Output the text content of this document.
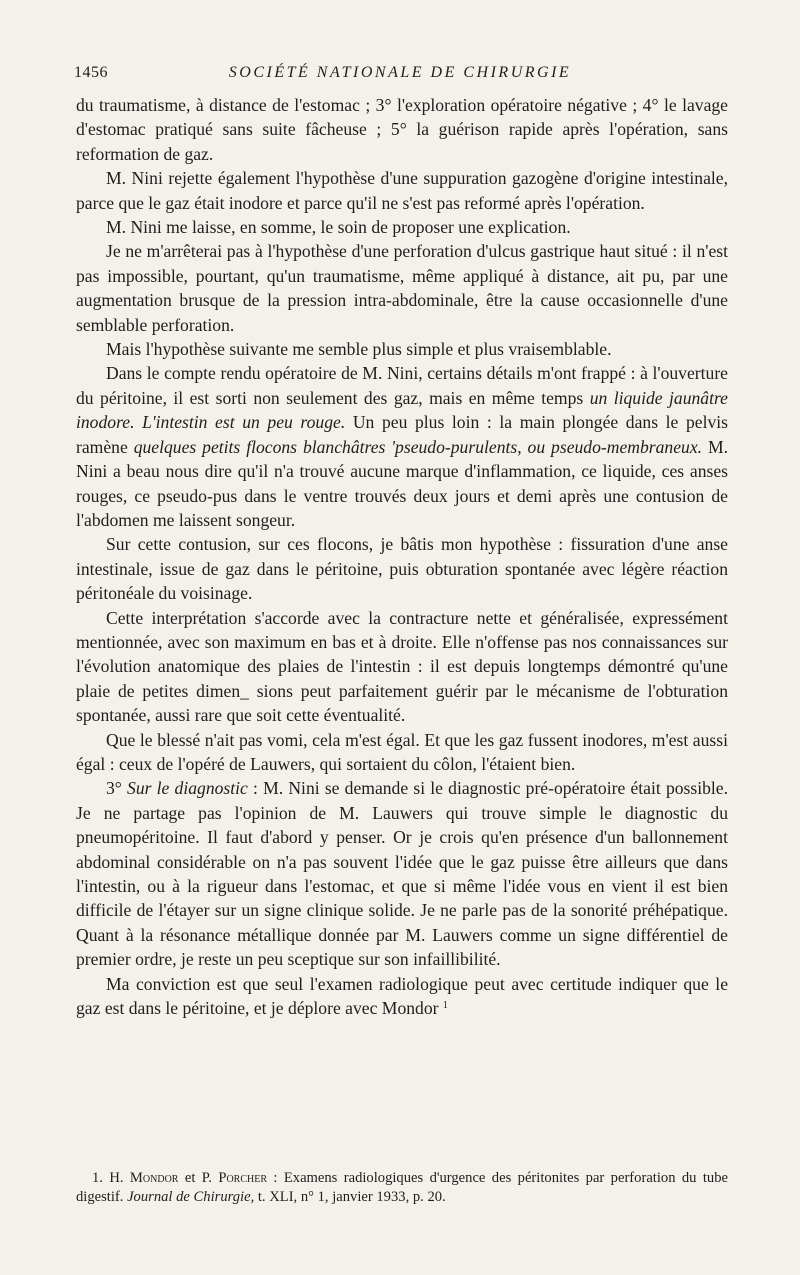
1456	SOCIÉTÉ NATIONALE DE CHIRURGIE

du traumatisme, à distance de l'estomac ; 3° l'exploration opératoire négative ; 4° le lavage d'estomac pratiqué sans suite fâcheuse ; 5° la guérison rapide après l'opération, sans reformation de gaz.

M. Nini rejette également l'hypothèse d'une suppuration gazogène d'origine intestinale, parce que le gaz était inodore et parce qu'il ne s'est pas reformé après l'opération.

M. Nini me laisse, en somme, le soin de proposer une explication.

Je ne m'arrêterai pas à l'hypothèse d'une perforation d'ulcus gastrique haut situé : il n'est pas impossible, pourtant, qu'un traumatisme, même appliqué à distance, ait pu, par une augmentation brusque de la pression intra-abdominale, être la cause occasionnelle d'une semblable perforation.

Mais l'hypothèse suivante me semble plus simple et plus vraisemblable.

Dans le compte rendu opératoire de M. Nini, certains détails m'ont frappé : à l'ouverture du péritoine, il est sorti non seulement des gaz, mais en même temps un liquide jaunâtre inodore. L'intestin est un peu rouge. Un peu plus loin : la main plongée dans le pelvis ramène quelques petits flocons blanchâtres 'pseudo-purulents, ou pseudo-membraneux. M. Nini a beau nous dire qu'il n'a trouvé aucune marque d'inflammation, ce liquide, ces anses rouges, ce pseudo-pus dans le ventre trouvés deux jours et demi après une contusion de l'abdomen me laissent songeur.

Sur cette contusion, sur ces flocons, je bâtis mon hypothèse : fissuration d'une anse intestinale, issue de gaz dans le péritoine, puis obturation spontanée avec légère réaction péritonéale du voisinage.

Cette interprétation s'accorde avec la contracture nette et généralisée, expressément mentionnée, avec son maximum en bas et à droite. Elle n'offense pas nos connaissances sur l'évolution anatomique des plaies de l'intestin : il est depuis longtemps démontré qu'une plaie de petites dimen_ sions peut parfaitement guérir par le mécanisme de l'obturation spontanée, aussi rare que soit cette éventualité.

Que le blessé n'ait pas vomi, cela m'est égal. Et que les gaz fussent inodores, m'est aussi égal : ceux de l'opéré de Lauwers, qui sortaient du côlon, l'étaient bien.

3° Sur le diagnostic : M. Nini se demande si le diagnostic pré-opératoire était possible. Je ne partage pas l'opinion de M. Lauwers qui trouve simple le diagnostic du pneumopéritoine. Il faut d'abord y penser. Or je crois qu'en présence d'un ballonnement abdominal considérable on n'a pas souvent l'idée que le gaz puisse être ailleurs que dans l'intestin, ou à la rigueur dans l'estomac, et que si même l'idée vous en vient il est bien difficile de l'étayer sur un signe clinique solide. Je ne parle pas de la sonorité préhépatique. Quant à la résonance métallique donnée par M. Lauwers comme un signe différentiel de premier ordre, je reste un peu sceptique sur son infaillibilité.

Ma conviction est que seul l'examen radiologique peut avec certitude indiquer que le gaz est dans le péritoine, et je déplore avec Mondor $^1$

1. H. Mondor et P. Porcher : Examens radiologiques d'urgence des péritonites par perforation du tube digestif. Journal de Chirurgie, t. XLI, n° 1, janvier 1933, p. 20.
